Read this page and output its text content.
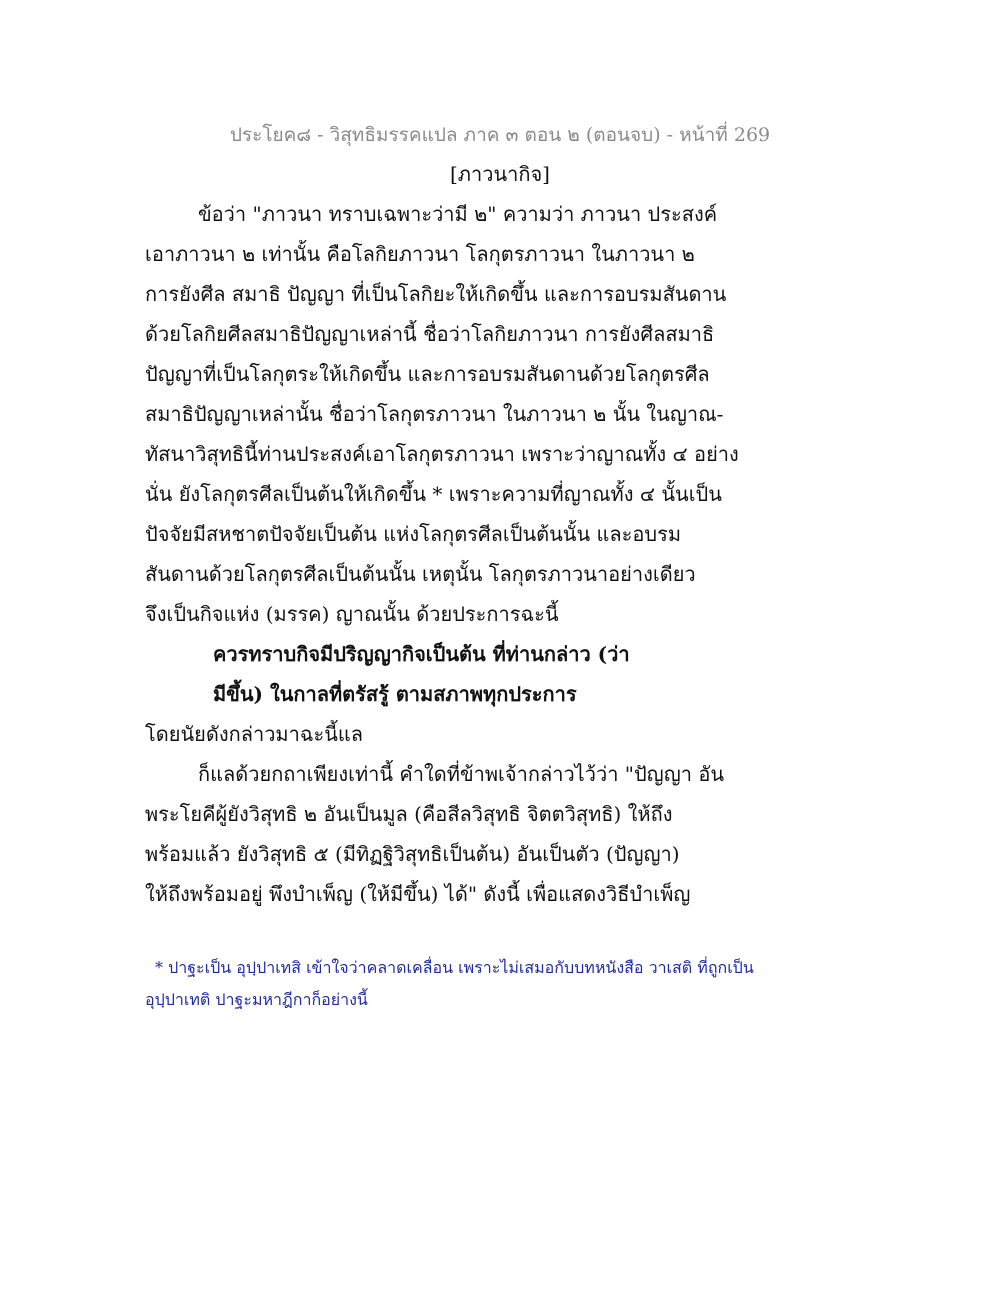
ประโยค๘ - วิสุทธิมรรคแปล ภาค ๓ ตอน ๒ (ตอนจบ) - หน้าที่ 269
[ภาวนากิจ]
ข้อว่า "ภาวนา ทราบเฉพาะว่ามี ๒" ความว่า ภาวนา ประสงค์
เอาภาวนา ๒ เท่านั้น คือโลกิยภาวนา โลกุตรภาวนา ในภาวนา ๒
การยังศีล สมาธิ ปัญญา ที่เป็นโลกิยะให้เกิดขึ้น และการอบรมสันดาน
ด้วยโลกิยศีลสมาธิปัญญาเหล่านี้ ชื่อว่าโลกิยภาวนา การยังศีลสมาธิ
ปัญญาที่เป็นโลกุตระให้เกิดขึ้น และการอบรมสันดานด้วยโลกุตรศีล
สมาธิปัญญาเหล่านั้น ชื่อว่าโลกุตรภาวนา ในภาวนา ๒ นั้น ในญาณ-
ทัสนาวิสุทธินี้ท่านประสงค์เอาโลกุตรภาวนา เพราะว่าญาณทั้ง ๔ อย่าง
นั่น ยังโลกุตรศีลเป็นต้นให้เกิดขึ้น * เพราะความที่ญาณทั้ง ๔ นั้นเป็น
ปัจจัยมีสหชาตปัจจัยเป็นต้น แห่งโลกุตรศีลเป็นต้นนั้น และอบรม
สันดานด้วยโลกุตรศีลเป็นต้นนั้น เหตุนั้น โลกุตรภาวนาอย่างเดียว
จึงเป็นกิจแห่ง (มรรค) ญาณนั้น ด้วยประการฉะนี้
ควรทราบกิจมีปริญญากิจเป็นต้น ที่ท่านกล่าว (ว่า
มีขึ้น) ในกาลที่ตรัสรู้ ตามสภาพทุกประการ
โดยนัยดังกล่าวมาฉะนี้แล
ก็แลด้วยกถาเพียงเท่านี้ คำใดที่ข้าพเจ้ากล่าวไว้ว่า "ปัญญา อัน
พระโยคีผู้ยังวิสุทธิ ๒ อันเป็นมูล (คือสีลวิสุทธิ จิตตวิสุทธิ) ให้ถึง
พร้อมแล้ว ยังวิสุทธิ ๕ (มีทิฏฐิวิสุทธิเป็นต้น) อันเป็นตัว (ปัญญา)
ให้ถึงพร้อมอยู่ พึงบำเพ็ญ (ให้มีขึ้น) ได้" ดังนี้ เพื่อแสดงวิธีบำเพ็ญ
* ปาฐะเป็น อุปฺปาเทสิ เข้าใจว่าคลาดเคลื่อน เพราะไม่เสมอกับบทหนังสือ วาเสติ ที่ถูกเป็น
อุปฺปาเทติ ปาฐะมหาฎีกาก็อย่างนี้
